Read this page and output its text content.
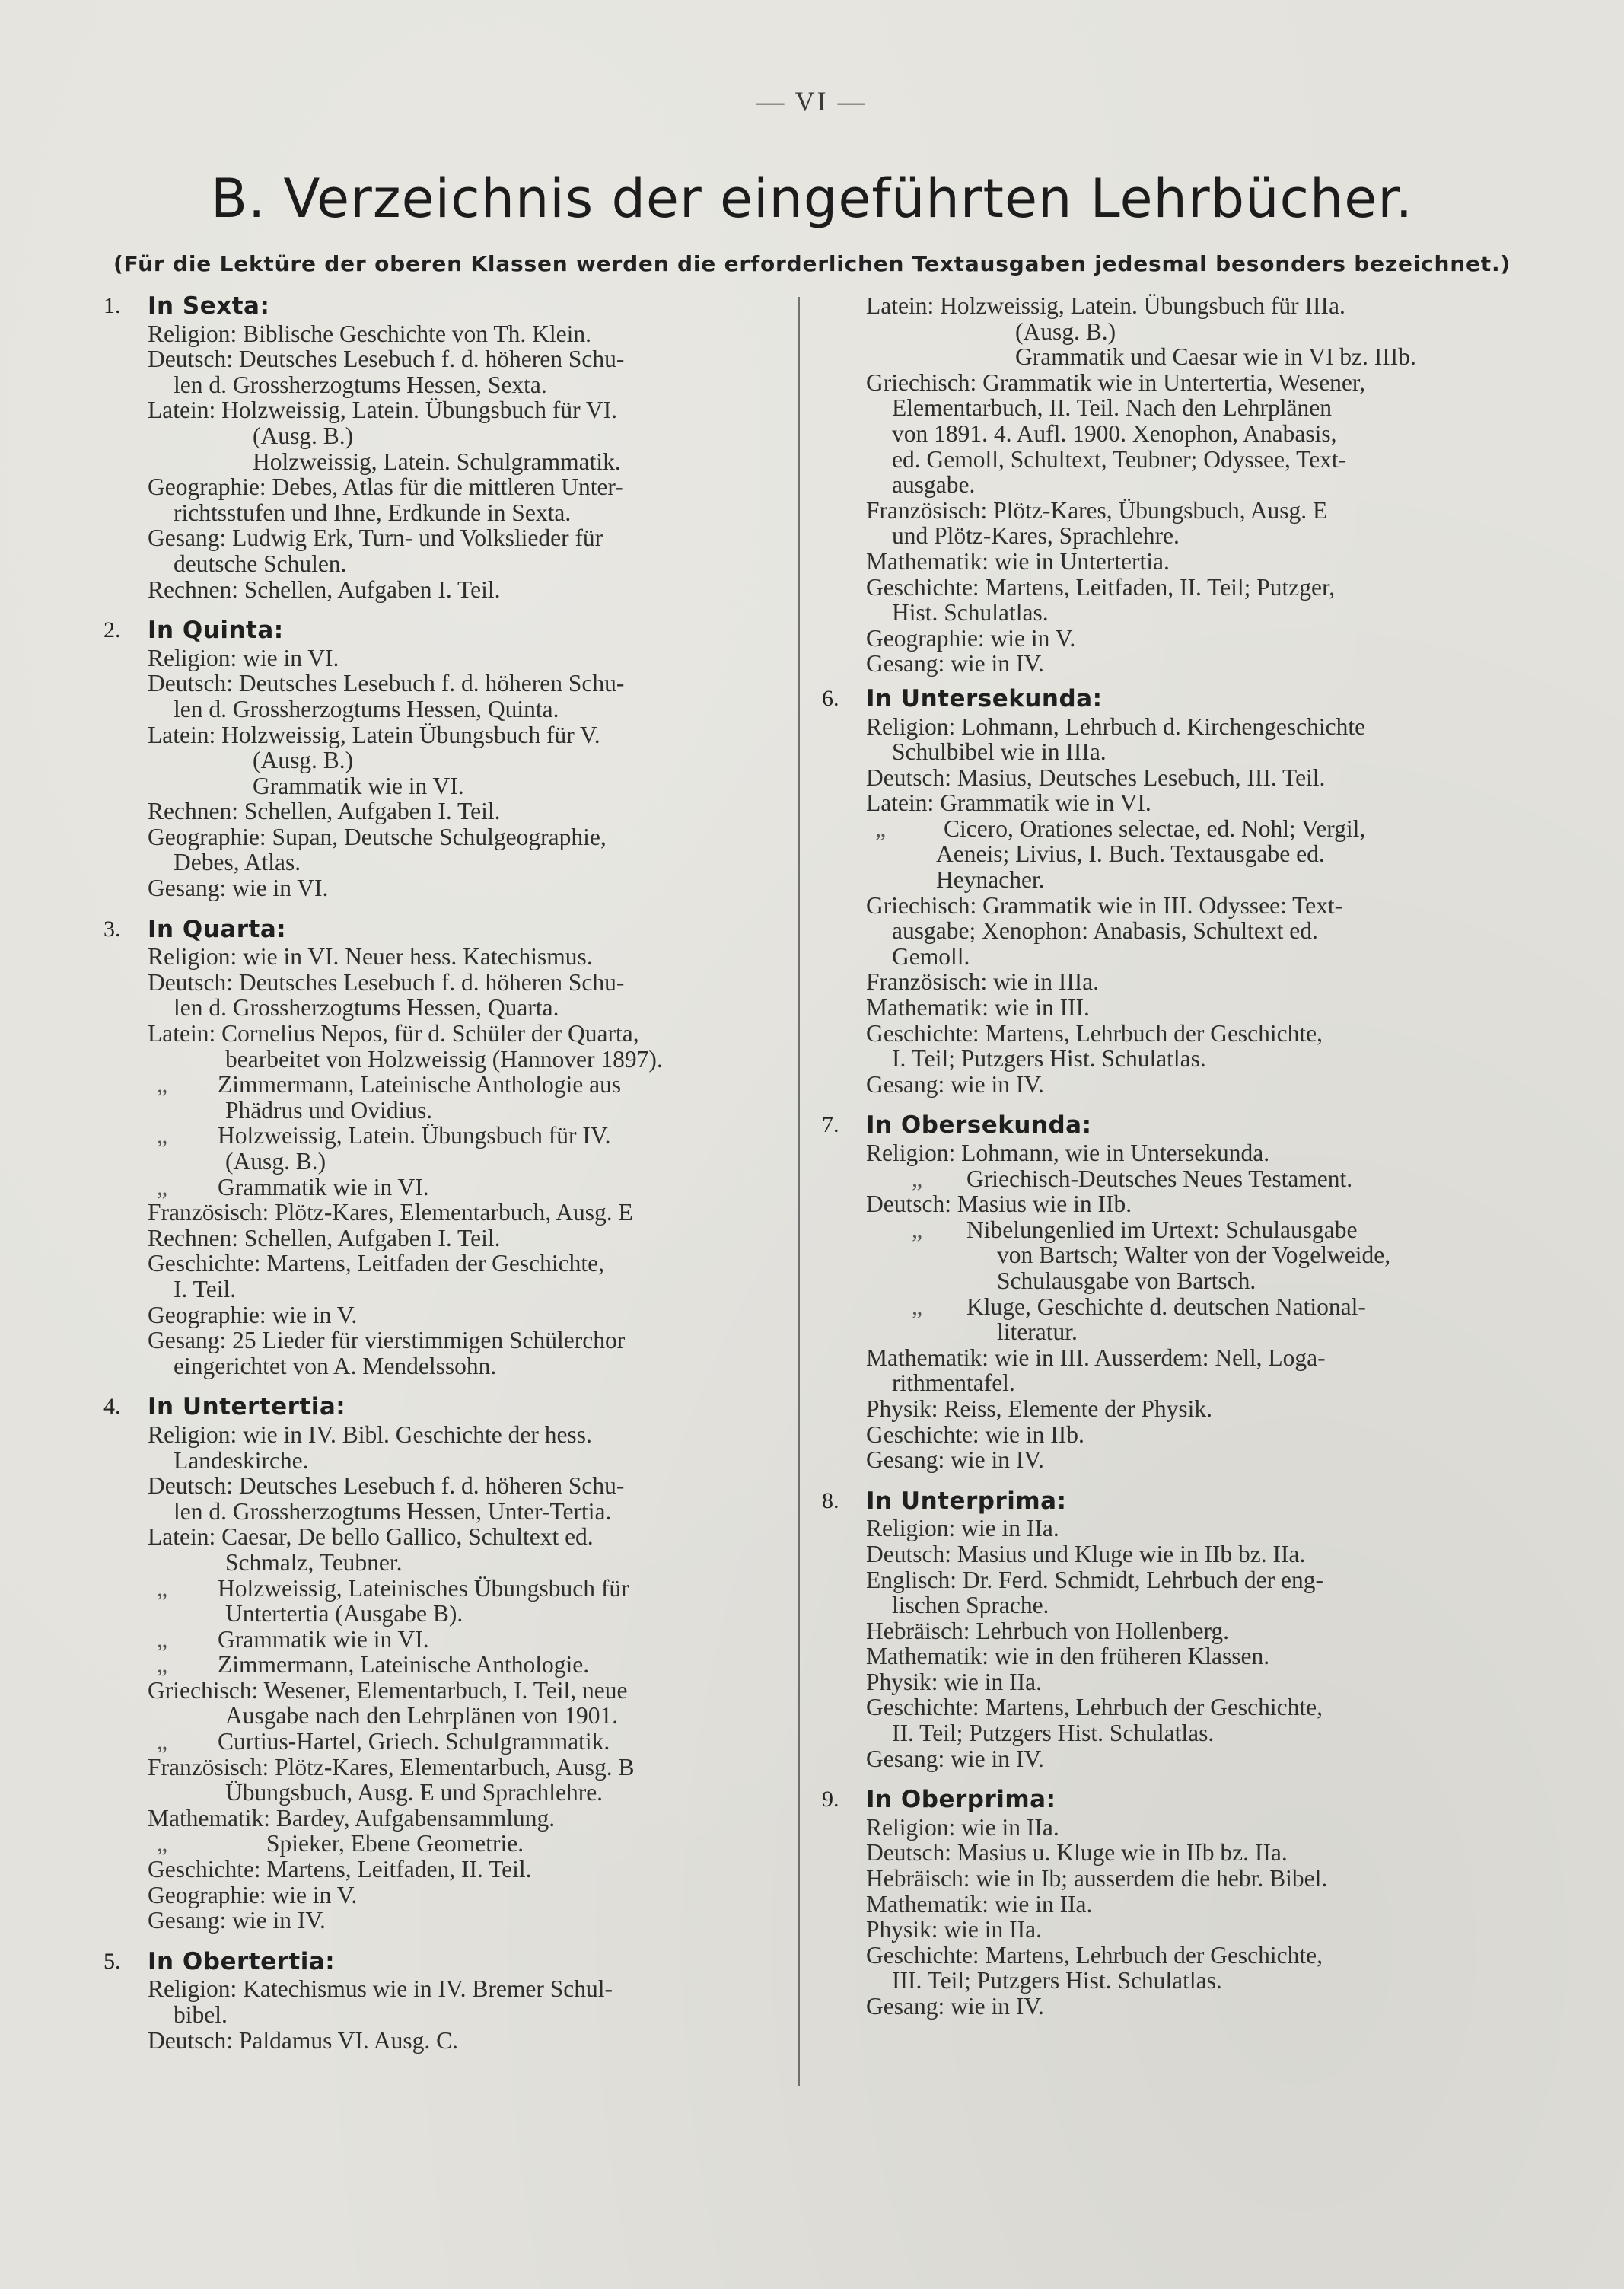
— VI —
B. Verzeichnis der eingeführten Lehrbücher.
(Für die Lektüre der oberen Klassen werden die erforderlichen Textausgaben jedesmal besonders bezeichnet.)
1. In Sexta:
Religion: Biblische Geschichte von Th. Klein.
Deutsch: Deutsches Lesebuch f. d. höheren Schu-
len d. Grossherzogtums Hessen, Sexta.
Latein: Holzweissig, Latein. Übungsbuch für VI.
(Ausg. B.)
Holzweissig, Latein. Schulgrammatik.
Geographie: Debes, Atlas für die mittleren Unter-
richtsstufen und Ihne, Erdkunde in Sexta.
Gesang: Ludwig Erk, Turn- und Volkslieder für
deutsche Schulen.
Rechnen: Schellen, Aufgaben I. Teil.
2. In Quinta:
Religion: wie in VI.
Deutsch: Deutsches Lesebuch f. d. höheren Schu-
len d. Grossherzogtums Hessen, Quinta.
Latein: Holzweissig, Latein Übungsbuch für V.
(Ausg. B.)
Grammatik wie in VI.
Rechnen: Schellen, Aufgaben I. Teil.
Geographie: Supan, Deutsche Schulgeographie,
Debes, Atlas.
Gesang: wie in VI.
3. In Quarta:
Religion: wie in VI. Neuer hess. Katechismus.
Deutsch: Deutsches Lesebuch f. d. höheren Schu-
len d. Grossherzogtums Hessen, Quarta.
Latein: Cornelius Nepos, für d. Schüler der Quarta,
bearbeitet von Holzweissig (Hannover 1897).
„ Zimmermann, Lateinische Anthologie aus
Phädrus und Ovidius.
„ Holzweissig, Latein. Übungsbuch für IV.
(Ausg. B.)
„ Grammatik wie in VI.
Französisch: Plötz-Kares, Elementarbuch, Ausg. E
Rechnen: Schellen, Aufgaben I. Teil.
Geschichte: Martens, Leitfaden der Geschichte,
I. Teil.
Geographie: wie in V.
Gesang: 25 Lieder für vierstimmigen Schülerchor
eingerichtet von A. Mendelssohn.
4. In Untertertia:
Religion: wie in IV. Bibl. Geschichte der hess.
Landeskirche.
Deutsch: Deutsches Lesebuch f. d. höheren Schu-
len d. Grossherzogtums Hessen, Unter-Tertia.
Latein: Caesar, De bello Gallico, Schultext ed.
Schmalz, Teubner.
„ Holzweissig, Lateinisches Übungsbuch für
Untertertia (Ausgabe B).
„ Grammatik wie in VI.
„ Zimmermann, Lateinische Anthologie.
Griechisch: Wesener, Elementarbuch, I. Teil, neue
Ausgabe nach den Lehrplänen von 1901.
„ Curtius-Hartel, Griech. Schulgrammatik.
Französisch: Plötz-Kares, Elementarbuch, Ausg. B
Übungsbuch, Ausg. E und Sprachlehre.
Mathematik: Bardey, Aufgabensammlung.
„	Spieker, Ebene Geometrie.
Geschichte: Martens, Leitfaden, II. Teil.
Geographie: wie in V.
Gesang: wie in IV.
5. In Obertertia:
Religion: Katechismus wie in IV. Bremer Schul-
bibel.
Deutsch: Paldamus VI. Ausg. C.
Latein: Holzweissig, Latein. Übungsbuch für IIIa.
(Ausg. B.)
Grammatik und Caesar wie in VI bz. IIIb.
Griechisch: Grammatik wie in Untertertia, Wesener,
Elementarbuch, II. Teil. Nach den Lehrplänen
von 1891. 4. Aufl. 1900. Xenophon, Anabasis,
ed. Gemoll, Schultext, Teubner; Odyssee, Text-
ausgabe.
Französisch: Plötz-Kares, Übungsbuch, Ausg. E
und Plötz-Kares, Sprachlehre.
Mathematik: wie in Untertertia.
Geschichte: Martens, Leitfaden, II. Teil; Putzger,
Hist. Schulatlas.
Geographie: wie in V.
Gesang: wie in IV.
6. In Untersekunda:
Religion: Lohmann, Lehrbuch d. Kirchengeschichte
Schulbibel wie in IIIa.
Deutsch: Masius, Deutsches Lesebuch, III. Teil.
Latein: Grammatik wie in VI.
„ Cicero, Orationes selectae, ed. Nohl; Vergil,
Aeneis; Livius, I. Buch. Textausgabe ed.
Heynacher.
Griechisch: Grammatik wie in III. Odyssee: Text-
ausgabe; Xenophon: Anabasis, Schultext ed.
Gemoll.
Französisch: wie in IIIa.
Mathematik: wie in III.
Geschichte: Martens, Lehrbuch der Geschichte,
I. Teil; Putzgers Hist. Schulatlas.
Gesang: wie in IV.
7. In Obersekunda:
Religion: Lohmann, wie in Untersekunda.
„ Griechisch-Deutsches Neues Testament.
Deutsch: Masius wie in IIb.
„ Nibelungenlied im Urtext: Schulausgabe
von Bartsch; Walter von der Vogelweide,
Schulausgabe von Bartsch.
„ Kluge, Geschichte d. deutschen National-
literatur.
Mathematik: wie in III. Ausserdem: Nell, Loga-
rithmentafel.
Physik: Reiss, Elemente der Physik.
Geschichte: wie in IIb.
Gesang: wie in IV.
8. In Unterprima:
Religion: wie in IIa.
Deutsch: Masius und Kluge wie in IIb bz. IIa.
Englisch: Dr. Ferd. Schmidt, Lehrbuch der eng-
lischen Sprache.
Hebräisch: Lehrbuch von Hollenberg.
Mathematik: wie in den früheren Klassen.
Physik: wie in IIa.
Geschichte: Martens, Lehrbuch der Geschichte,
II. Teil; Putzgers Hist. Schulatlas.
Gesang: wie in IV.
9. In Oberprima:
Religion: wie in IIa.
Deutsch: Masius u. Kluge wie in IIb bz. IIa.
Hebräisch: wie in Ib; ausserdem die hebr. Bibel.
Mathematik: wie in IIa.
Physik: wie in IIa.
Geschichte: Martens, Lehrbuch der Geschichte,
III. Teil; Putzgers Hist. Schulatlas.
Gesang: wie in IV.
